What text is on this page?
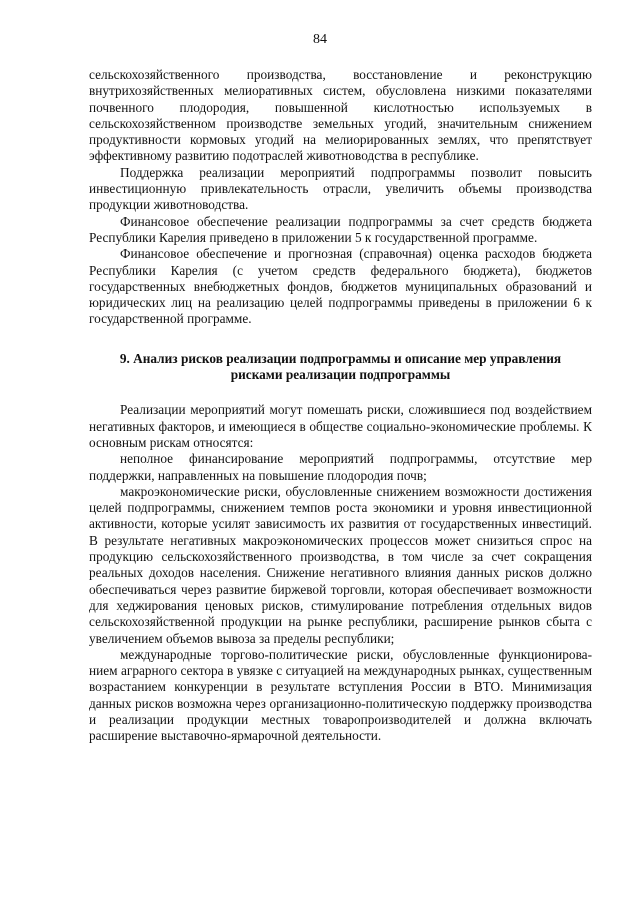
84

сельскохозяйственного производства, восстановление и реконструкцию внутрихозяйственных мелиоративных систем, обусловлена низкими показателями почвенного плодородия, повышенной кислотностью используемых в сельскохозяйственном производстве земельных угодий, значительным снижением продуктивности кормовых угодий на мелиорированных землях, что препятствует эффективному развитию подотраслей животноводства в республике.

Поддержка реализации мероприятий подпрограммы позволит повысить инвестиционную привлекательность отрасли, увеличить объемы производства продукции животноводства.

Финансовое обеспечение реализации подпрограммы за счет средств бюджета Республики Карелия приведено в приложении 5 к государственной программе.

Финансовое обеспечение и прогнозная (справочная) оценка расходов бюджета Республики Карелия (с учетом средств федерального бюджета), бюджетов государственных внебюджетных фондов, бюджетов муниципальных образований и юридических лиц на реализацию целей подпрограммы приведены в приложении 6 к государственной программе.

9. Анализ рисков реализации подпрограммы и описание мер управления
рисками реализации подпрограммы

Реализации мероприятий могут помешать риски, сложившиеся под воздействием негативных факторов, и имеющиеся в обществе социально-экономические проблемы. К основным рискам относятся:

неполное финансирование мероприятий подпрограммы, отсутствие мер поддержки, направленных на повышение плодородия почв;

макроэкономические риски, обусловленные снижением возможности достижения целей подпрограммы, снижением темпов роста экономики и уровня инвестиционной активности, которые усилят зависимость их развития от государственных инвестиций. В результате негативных макроэкономических процессов может снизиться спрос на продукцию сельскохозяйственного производства, в том числе за счет сокращения реальных доходов населения. Снижение негативного влияния данных рисков должно обеспечиваться через развитие биржевой торговли, которая обеспечивает возможности для хеджирования ценовых рисков, стимулирование потребления отдельных видов сельскохозяйственной продукции на рынке республики, расширение рынков сбыта с увеличением объемов вывоза за пределы республики;

международные торгово-политические риски, обусловленные функционирова-нием аграрного сектора в увязке с ситуацией на международных рынках, существенным возрастанием конкуренции в результате вступления России в ВТО. Минимизация данных рисков возможна через организационно-политическую поддержку производства и реализации продукции местных товаропроизводителей и должна включать расширение выставочно-ярмарочной деятельности.
